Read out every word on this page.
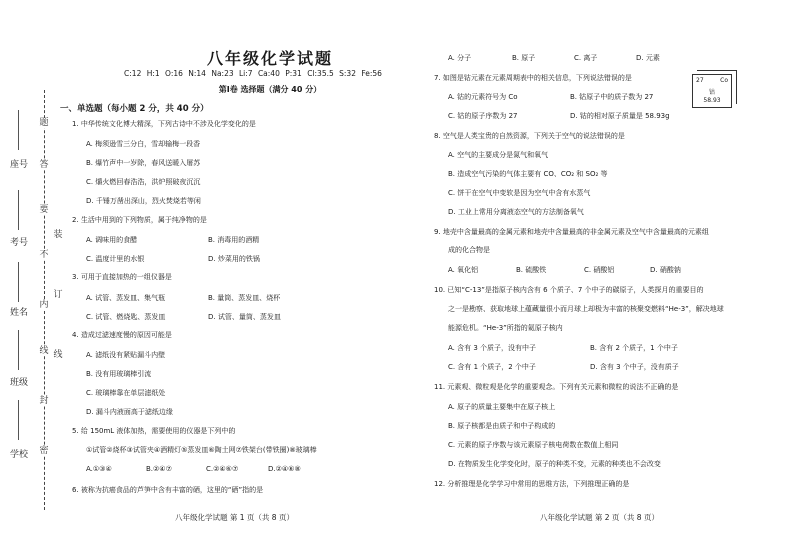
题
答
要
不
内
线
封
密
装
订
线
座号
考号
姓名
班级
学校
八年级化学试题
C:12 H:1 O:16 N:14 Na:23 Li:7 Ca:40 P:31 Cl:35.5 S:32 Fe:56
第Ⅰ卷 选择题（满分 40 分）
一、单选题（每小题 2 分，共 40 分）
1. 中华传统文化博大精深，下列古诗中不涉及化学变化的是
A. 梅须逊雪三分白，雪却输梅一段香
B. 爆竹声中一岁除，春风送暖入屠苏
C. 爝火燃回春浩浩，洪炉照破夜沉沉
D. 千锤万凿出深山，烈火焚烧若等闲
2. 生活中用到的下列物质，属于纯净物的是
A. 调味用的食醋	B. 消毒用的酒精
C. 温度计里的水银	D. 炒菜用的铁锅
3. 可用于直接加热的一组仪器是
A. 试管、蒸发皿、集气瓶	B. 量筒、蒸发皿、烧杯
C. 试管、燃烧匙、蒸发皿	D. 试管、量筒、蒸发皿
4. 造成过滤速度慢的原因可能是
A. 滤纸没有紧贴漏斗内壁
B. 没有用玻璃棒引流
C. 玻璃棒靠在单层滤纸处
D. 漏斗内液面高于滤纸边缘
5. 给 150mL 液体加热，需要使用的仪器是下列中的
①试管②烧杯③试管夹④酒精灯⑤蒸发皿⑥陶土网⑦铁架台(带铁圈)⑧玻璃棒
A.①③④	B.②④⑦	C.②④⑥⑦	D.②④⑥⑧
6. 被称为抗癌食品的芦笋中含有丰富的硒，这里的“硒”指的是
八年级化学试题 第 1 页（共 8 页）
A. 分子	B. 原子	C. 离子	D. 元素
7. 如图是钴元素在元素周期表中的相关信息，下列说法错误的是
A. 钴的元素符号为 Co	B. 钴原子中的质子数为 27
C. 钴的原子序数为 27	D. 钴的相对原子质量是 58.93g
27	Co
钴
58.93
8. 空气是人类宝贵的自然资源，下列关于空气的说法错误的是
A. 空气的主要成分是氮气和氧气
B. 造成空气污染的气体主要有 CO、CO₂ 和 SO₂ 等
C. 饼干在空气中变软是因为空气中含有水蒸气
D. 工业上常用分离液态空气的方法制备氧气
9. 地壳中含量最高的金属元素和地壳中含量最高的非金属元素及空气中含量最高的元素组
成的化合物是
A. 氧化铝	B. 硫酸铁	C. 硝酸铝	D. 硝酸钠
10. 已知“C-13”是指原子核内含有 6 个质子、7 个中子的碳原子，人类探月的重要目的
之一是勘察、获取地球上蕴藏量很小而月球上却极为丰富的核聚变燃料“He-3”，解决地球
能源危机。“He-3”所指的氦原子核内
A. 含有 3 个质子，没有中子	B. 含有 2 个质子，1 个中子
C. 含有 1 个质子，2 个中子	D. 含有 3 个中子，没有质子
11. 元素观、微粒观是化学的重要观念。下列有关元素和微粒的说法不正确的是
A. 原子的质量主要集中在原子核上
B. 原子核都是由质子和中子构成的
C. 元素的原子序数与该元素原子核电荷数在数值上相同
D. 在物质发生化学变化时，原子的种类不变，元素的种类也不会改变
12. 分析推理是化学学习中常用的思维方法，下列推理正确的是
八年级化学试题 第 2 页（共 8 页）
